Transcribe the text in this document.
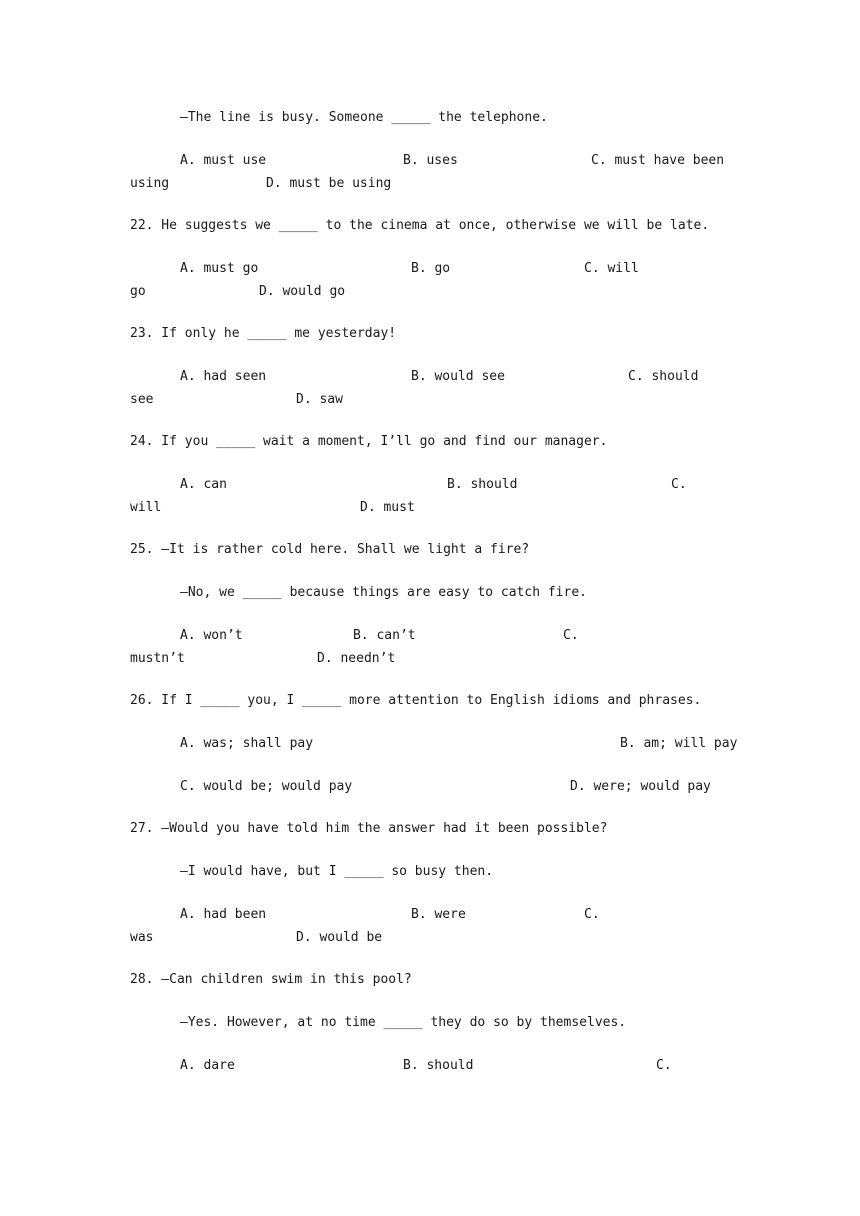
—The line is busy. Someone _____ the telephone.
A. must use	B. uses	C. must have been
using	D. must be using
22. He suggests we _____ to the cinema at once, otherwise we will be late.
A. must go	B. go	C. will
go	D. would go
23. If only he _____ me yesterday!
A. had seen	B. would see	C. should
see	D. saw
24. If you _____ wait a moment, I’ll go and find our manager.
A. can	B. should	C.
will	D. must
25. —It is rather cold here. Shall we light a fire?
—No, we _____ because things are easy to catch fire.
A. won’t	B. can’t	C.
mustn’t	D. needn’t
26. If I _____ you, I _____ more attention to English idioms and phrases.
A. was; shall pay	B. am; will pay
C. would be; would pay	D. were; would pay
27. —Would you have told him the answer had it been possible?
—I would have, but I _____ so busy then.
A. had been	B. were	C.
was	D. would be
28. —Can children swim in this pool?
—Yes. However, at no time _____ they do so by themselves.
A. dare	B. should	C.
